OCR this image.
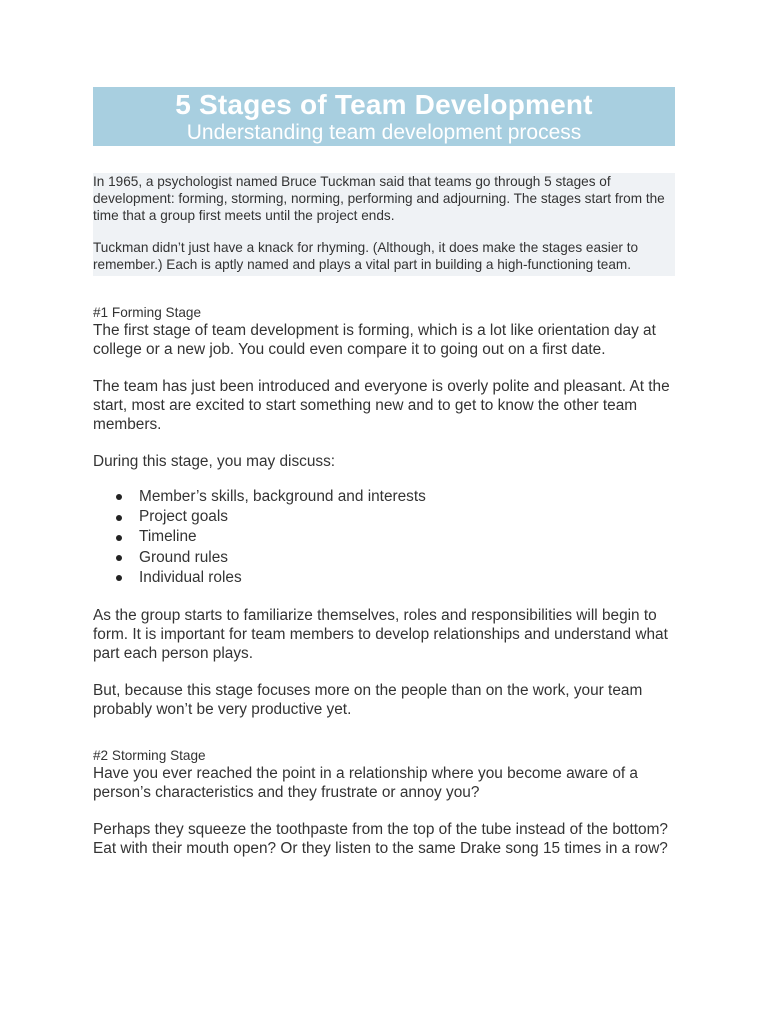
5 Stages of Team Development
Understanding team development process

In 1965, a psychologist named Bruce Tuckman said that teams go through 5 stages of development: forming, storming, norming, performing and adjourning. The stages start from the time that a group first meets until the project ends.

Tuckman didn’t just have a knack for rhyming. (Although, it does make the stages easier to remember.) Each is aptly named and plays a vital part in building a high-functioning team.

#1 Forming Stage

The first stage of team development is forming, which is a lot like orientation day at college or a new job. You could even compare it to going out on a first date.

The team has just been introduced and everyone is overly polite and pleasant. At the start, most are excited to start something new and to get to know the other team members.

During this stage, you may discuss:

Member’s skills, background and interests
Project goals
Timeline
Ground rules
Individual roles

As the group starts to familiarize themselves, roles and responsibilities will begin to form. It is important for team members to develop relationships and understand what part each person plays.

But, because this stage focuses more on the people than on the work, your team probably won’t be very productive yet.

#2 Storming Stage

Have you ever reached the point in a relationship where you become aware of a person’s characteristics and they frustrate or annoy you?

Perhaps they squeeze the toothpaste from the top of the tube instead of the bottom? Eat with their mouth open? Or they listen to the same Drake song 15 times in a row?
